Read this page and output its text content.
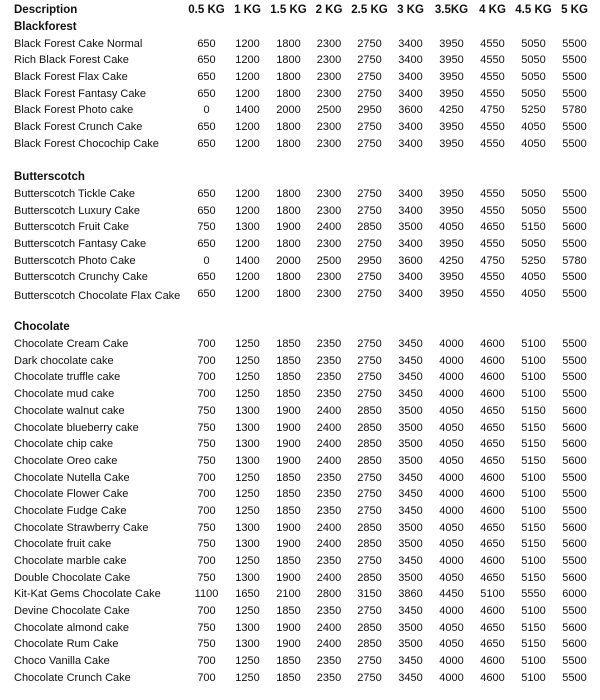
Description	0.5 KG	1 KG	1.5 KG	2 KG	2.5 KG	3 KG	3.5KG	4 KG	4.5 KG	5 KG
Blackforest										
Black Forest Cake Normal	650	1200	1800	2300	2750	3400	3950	4550	5050	5500
Rich Black Forest Cake	650	1200	1800	2300	2750	3400	3950	4550	5050	5500
Black Forest Flax Cake	650	1200	1800	2300	2750	3400	3950	4550	5050	5500
Black Forest Fantasy Cake	650	1200	1800	2300	2750	3400	3950	4550	5050	5500
Black Forest Photo cake	0	1400	2000	2500	2950	3600	4250	4750	5250	5780
Black Forest Crunch Cake	650	1200	1800	2300	2750	3400	3950	4550	4050	5500
Black Forest Chocochip Cake	650	1200	1800	2300	2750	3400	3950	4550	4050	5500

Butterscotch										
Butterscotch Tickle Cake	650	1200	1800	2300	2750	3400	3950	4550	5050	5500
Butterscotch Luxury Cake	650	1200	1800	2300	2750	3400	3950	4550	5050	5500
Butterscotch Fruit Cake	750	1300	1900	2400	2850	3500	4050	4650	5150	5600
Butterscotch Fantasy Cake	650	1200	1800	2300	2750	3400	3950	4550	5050	5500
Butterscotch Photo Cake	0	1400	2000	2500	2950	3600	4250	4750	5250	5780
Butterscotch Crunchy Cake	650	1200	1800	2300	2750	3400	3950	4550	4050	5500
Butterscotch Chocolate Flax Cake	650	1200	1800	2300	2750	3400	3950	4550	4050	5500

Chocolate										
Chocolate Cream Cake	700	1250	1850	2350	2750	3450	4000	4600	5100	5500
Dark chocolate cake	700	1250	1850	2350	2750	3450	4000	4600	5100	5500
Chocolate truffle cake	700	1250	1850	2350	2750	3450	4000	4600	5100	5500
Chocolate mud cake	700	1250	1850	2350	2750	3450	4000	4600	5100	5500
Chocolate walnut cake	750	1300	1900	2400	2850	3500	4050	4650	5150	5600
Chocolate blueberry cake	750	1300	1900	2400	2850	3500	4050	4650	5150	5600
Chocolate chip cake	750	1300	1900	2400	2850	3500	4050	4650	5150	5600
Chocolate Oreo cake	750	1300	1900	2400	2850	3500	4050	4650	5150	5600
Chocolate Nutella Cake	700	1250	1850	2350	2750	3450	4000	4600	5100	5500
Chocolate Flower Cake	700	1250	1850	2350	2750	3450	4000	4600	5100	5500
Chocolate Fudge Cake	700	1250	1850	2350	2750	3450	4000	4600	5100	5500
Chocolate Strawberry Cake	750	1300	1900	2400	2850	3500	4050	4650	5150	5600
Chocolate fruit cake	750	1300	1900	2400	2850	3500	4050	4650	5150	5600
Chocolate marble cake	700	1250	1850	2350	2750	3450	4000	4600	5100	5500
Double Chocolate Cake	750	1300	1900	2400	2850	3500	4050	4650	5150	5600
Kit-Kat Gems Chocolate Cake	1100	1650	2100	2800	3150	3860	4450	5100	5550	6000
Devine Chocolate Cake	700	1250	1850	2350	2750	3450	4000	4600	5100	5500
Chocolate almond cake	750	1300	1900	2400	2850	3500	4050	4650	5150	5600
Chocolate Rum Cake	750	1300	1900	2400	2850	3500	4050	4650	5150	5600
Choco Vanilla Cake	700	1250	1850	2350	2750	3450	4000	4600	5100	5500
Chocolate Crunch Cake	700	1250	1850	2350	2750	3450	4000	4600	5100	5500
